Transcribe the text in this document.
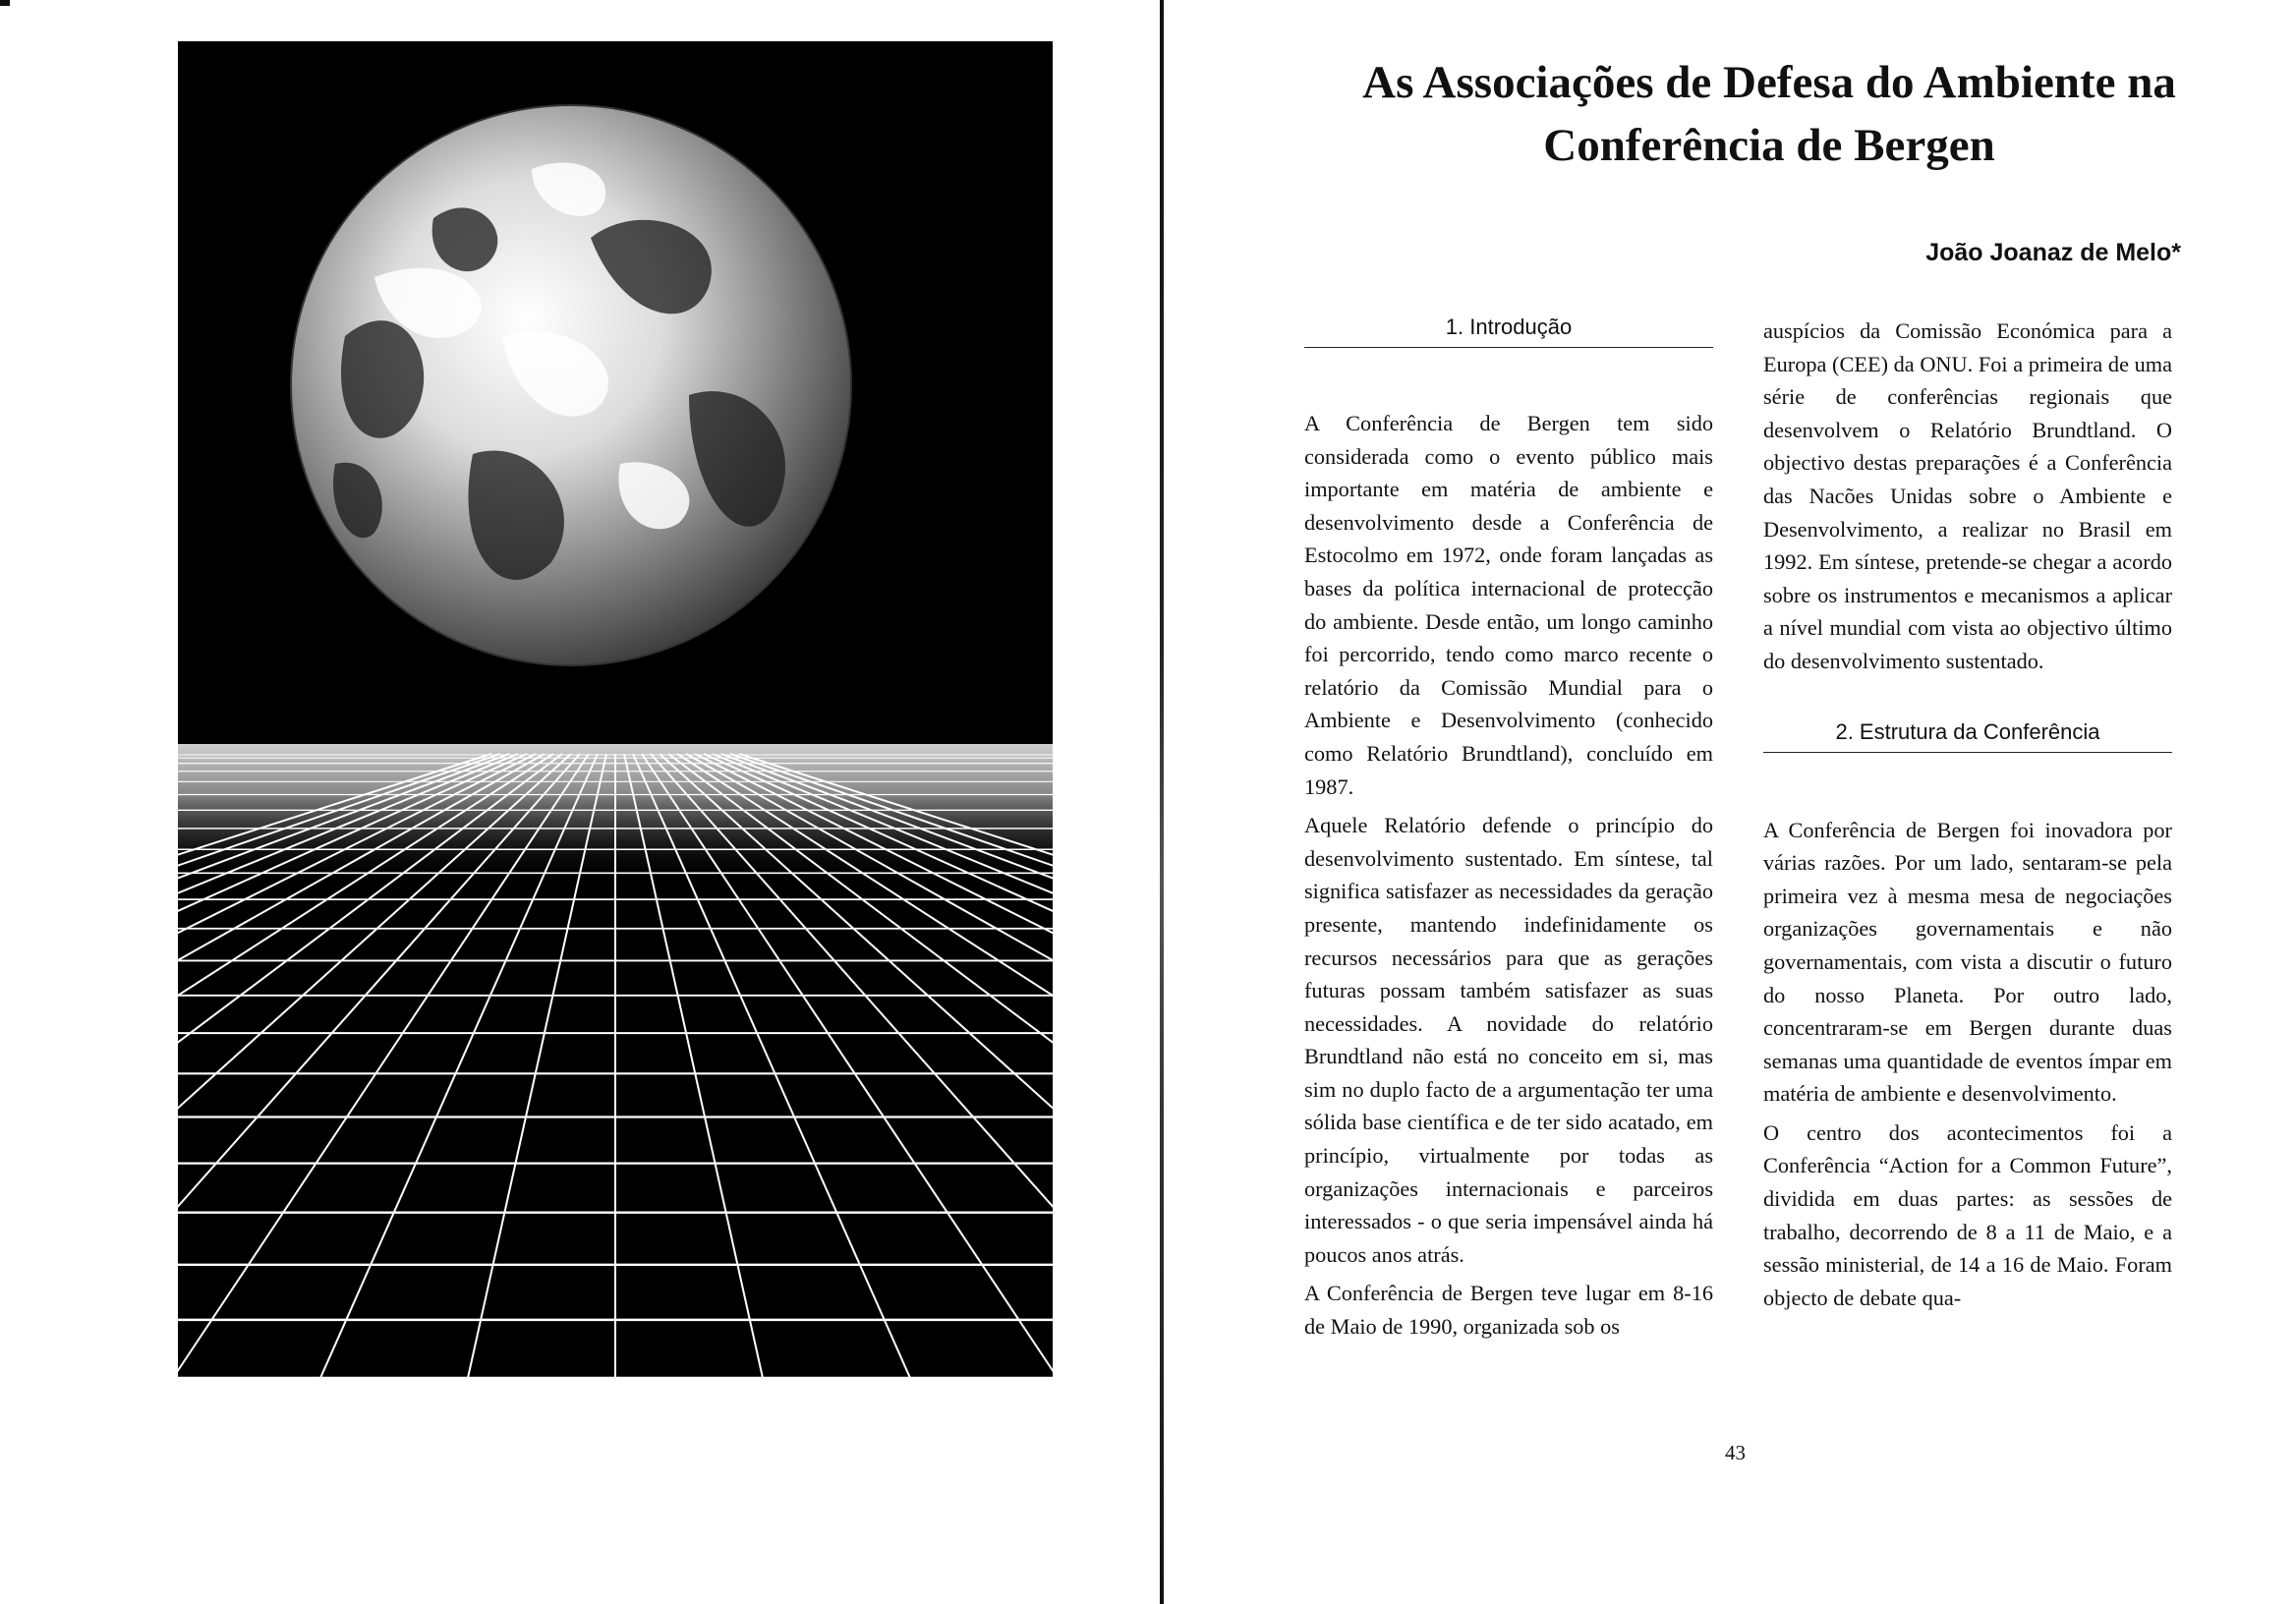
As Associações de Defesa do Ambiente na
Conferência de Bergen
João Joanaz de Melo*
1. Introdução

A Conferência de Bergen tem sido considerada como o evento público mais importante em matéria de ambiente e desenvolvimento desde a Conferência de Estocolmo em 1972, onde foram lançadas as bases da política internacional de protecção do ambiente. Desde então, um longo caminho foi percorrido, tendo como marco recente o relatório da Comissão Mundial para o Ambiente e Desenvolvimento (conhecido como Relatório Brundtland), concluído em 1987.

Aquele Relatório defende o princípio do desenvolvimento sustentado. Em síntese, tal significa satisfazer as necessidades da geração presente, mantendo indefinidamente os recursos necessários para que as gerações futuras possam também satisfazer as suas necessidades. A novidade do relatório Brundtland não está no conceito em si, mas sim no duplo facto de a argumentação ter uma sólida base científica e de ter sido acatado, em princípio, virtualmente por todas as organizações internacionais e parceiros interessados - o que seria impensável ainda há poucos anos atrás.

A Conferência de Bergen teve lugar em 8-16 de Maio de 1990, organizada sob os

auspícios da Comissão Económica para a Europa (CEE) da ONU. Foi a primeira de uma série de conferências regionais que desenvolvem o Relatório Brundtland. O objectivo destas preparações é a Conferência das Nacões Unidas sobre o Ambiente e Desenvolvimento, a realizar no Brasil em 1992. Em síntese, pretende-se chegar a acordo sobre os instrumentos e mecanismos a aplicar a nível mundial com vista ao objectivo último do desenvolvimento sustentado.

2. Estrutura da Conferência

A Conferência de Bergen foi inovadora por várias razões. Por um lado, sentaram-se pela primeira vez à mesma mesa de negociações organizações governamentais e não governamentais, com vista a discutir o futuro do nosso Planeta. Por outro lado, concentraram-se em Bergen durante duas semanas uma quantidade de eventos ímpar em matéria de ambiente e desenvolvimento.

O centro dos acontecimentos foi a Conferência “Action for a Common Future”, dividida em duas partes: as sessões de trabalho, decorrendo de 8 a 11 de Maio, e a sessão ministerial, de 14 a 16 de Maio. Foram objecto de debate qua-

43
